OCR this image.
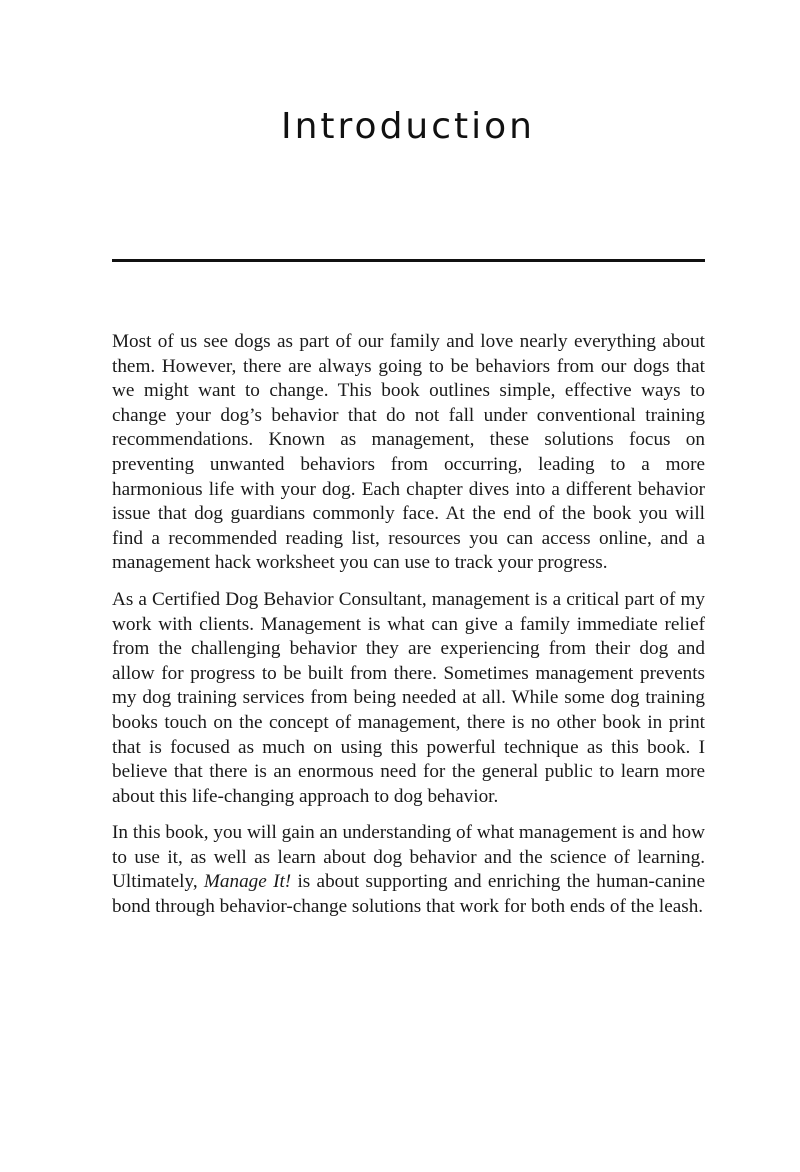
Introduction

Most of us see dogs as part of our family and love nearly everything about them. However, there are always going to be behaviors from our dogs that we might want to change. This book outlines simple, effective ways to change your dog’s behavior that do not fall under conventional training recommendations. Known as management, these solutions focus on preventing unwanted behaviors from occurring, leading to a more harmonious life with your dog. Each chapter dives into a different behavior issue that dog guardians commonly face. At the end of the book you will find a recommended reading list, resources you can access online, and a management hack worksheet you can use to track your progress.

As a Certified Dog Behavior Consultant, management is a critical part of my work with clients. Management is what can give a family immediate relief from the challenging behavior they are experiencing from their dog and allow for progress to be built from there. Sometimes management prevents my dog training services from being needed at all. While some dog training books touch on the concept of management, there is no other book in print that is focused as much on using this powerful technique as this book. I believe that there is an enormous need for the general public to learn more about this life-changing approach to dog behavior.

In this book, you will gain an understanding of what management is and how to use it, as well as learn about dog behavior and the science of learning. Ultimately, Manage It! is about supporting and enriching the human-canine bond through behavior-change solutions that work for both ends of the leash.
